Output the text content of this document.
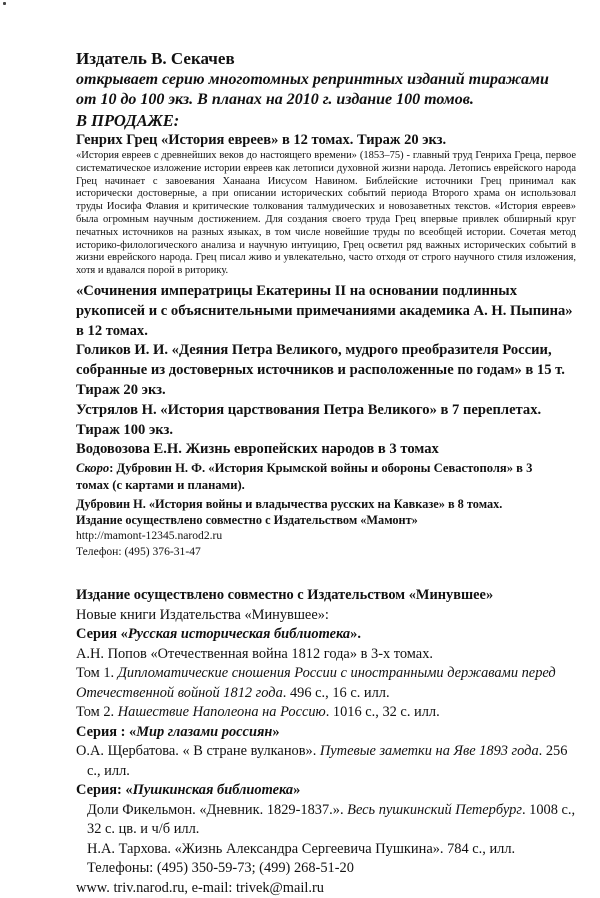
Издатель В. Секачев
открывает серию многотомных репринтных изданий тиражами
от 10 до 100 экз. В планах на 2010 г. издание 100 томов.
В ПРОДАЖЕ:
Генрих Грец «История евреев» в 12 томах. Тираж 20 экз.
«История евреев с древнейших веков до настоящего времени» (1853–75) - главный труд Генриха Греца, первое систематическое изложение истории евреев как летописи духовной жизни народа. Летопись еврейского народа Грец начинает с завоевания Ханаана Иисусом Навином. Библейские источники Грец принимал как исторически достоверные, а при описании исторических событий периода Второго храма он использовал труды Иосифа Флавия и критические толкования талмудических и новозаветных текстов. «История евреев» была огромным научным достижением. Для создания своего труда Грец впервые привлек обширный круг печатных источников на разных языках, в том числе новейшие труды по всеобщей истории. Сочетая метод историко-филологического анализа и научную интуицию, Грец осветил ряд важных исторических событий в жизни еврейского народа. Грец писал живо и увлекательно, часто отходя от строго научного стиля изложения, хотя и вдавался порой в риторику.
«Сочинения императрицы Екатерины II на основании подлинных
рукописей и с объяснительными примечаниями академика А. Н. Пыпина»
в 12 томах.
Голиков И. И. «Деяния Петра Великого, мудрого преобразителя России,
собранные из достоверных источников и расположенные по годам» в 15 т.
Тираж 20 экз.
Устрялов Н. «История царствования Петра Великого» в 7 переплетах.
Тираж 100 экз.
Водовозова Е.Н. Жизнь европейских народов в 3 томах
Скоро: Дубровин Н. Ф. «История Крымской войны и обороны Севастополя» в 3
томах (с картами и планами).
Дубровин Н. «История войны и владычества русских на Кавказе» в 8 томах.
Издание осуществлено совместно с Издательством «Мамонт»
http://mamont-12345.narod2.ru
Телефон: (495) 376-31-47
Издание осуществлено совместно с Издательством «Минувшее»
Новые книги Издательства «Минувшее»:
Серия «Русская историческая библиотека».
А.Н. Попов «Отечественная война 1812 года» в 3-х томах.
Том 1. Дипломатические сношения России с иностранными державами перед
Отечественной войной 1812 года. 496 с., 16 с. илл.
Том 2. Нашествие Наполеона на Россию. 1016 с., 32 с. илл.
Серия : «Мир глазами россиян»
О.А. Щербатова. « В стране вулканов». Путевые заметки на Яве 1893 года. 256
с., илл.
Серия: «Пушкинская библиотека»
Доли Фикельмон. «Дневник. 1829-1837.». Весь пушкинский Петербург. 1008 с.,
32 с. цв. и ч/б илл.
Н.А. Тархова. «Жизнь Александра Сергеевича Пушкина». 784 с., илл.
Телефоны: (495) 350-59-73; (499) 268-51-20
www. triv.narod.ru, e-mail: trivek@mail.ru
